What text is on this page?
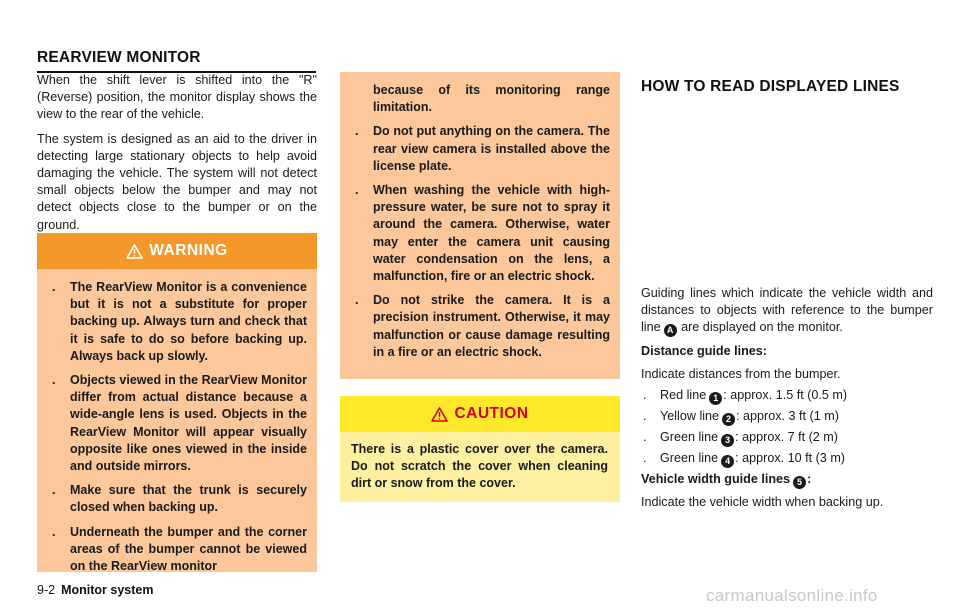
REARVIEW MONITOR
HOW TO READ DISPLAYED LINES

When the shift lever is shifted into the "R" (Reverse) position, the monitor display shows the view to the rear of the vehicle.

The system is designed as an aid to the driver in detecting large stationary objects to help avoid damaging the vehicle. The system will not detect small objects below the bumper and may not detect objects close to the bumper or on the ground.

WARNING
. The RearView Monitor is a convenience but it is not a substitute for proper backing up. Always turn and check that it is safe to do so before backing up. Always back up slowly.
. Objects viewed in the RearView Monitor differ from actual distance because a wide-angle lens is used. Objects in the RearView Monitor will appear visually opposite like ones viewed in the inside and outside mirrors.
. Make sure that the trunk is securely closed when backing up.
. Underneath the bumper and the corner areas of the bumper cannot be viewed on the RearView monitor
because of its monitoring range limitation.
. Do not put anything on the camera. The rear view camera is installed above the license plate.
. When washing the vehicle with high-pressure water, be sure not to spray it around the camera. Otherwise, water may enter the camera unit causing water condensation on the lens, a malfunction, fire or an electric shock.
. Do not strike the camera. It is a precision instrument. Otherwise, it may malfunction or cause damage resulting in a fire or an electric shock.
CAUTION
There is a plastic cover over the camera. Do not scratch the cover when cleaning dirt or snow from the cover.

Guiding lines which indicate the vehicle width and distances to objects with reference to the bumper line A are displayed on the monitor.

Distance guide lines:

Indicate distances from the bumper.

. Red line 1 : approx. 1.5 ft (0.5 m)
. Yellow line 2 : approx. 3 ft (1 m)
. Green line 3 : approx. 7 ft (2 m)
. Green line 4 : approx. 10 ft (3 m)
Vehicle width guide lines 5 :

Indicate the vehicle width when backing up.

9-2 Monitor system	carmanualsonline.info
